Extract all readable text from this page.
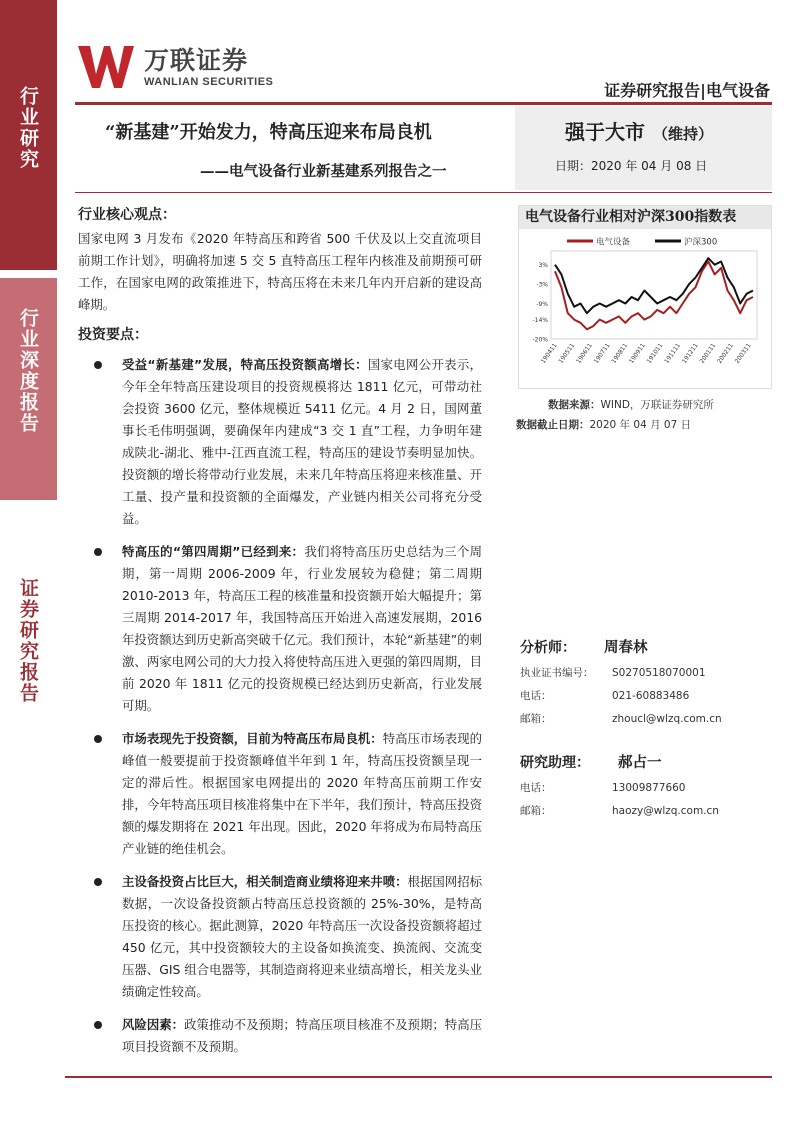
行业研究
行业深度报告
证券研究报告
万联证券
WANLIAN SECURITIES	证券研究报告|电气设备
“新基建”开始发力，特高压迎来布局良机
——电气设备行业新基建系列报告之一
强于大市 （维持）
日期：2020 年 04 月 08 日
行业核心观点：
国家电网 3 月发布《2020 年特高压和跨省 500 千伏及以上交直流项目前期工作计划》，明确将加速 5 交 5 直特高压工程年内核准及前期预可研工作，在国家电网的政策推进下，特高压将在未来几年内开启新的建设高峰期。
投资要点：
受益“新基建”发展，特高压投资额高增长：国家电网公开表示，今年全年特高压建设项目的投资规模将达 1811 亿元，可带动社会投资 3600 亿元，整体规模近 5411 亿元。4 月 2 日，国网董事长毛伟明强调，要确保年内建成“3 交 1 直”工程，力争明年建成陕北-湖北、雅中-江西直流工程，特高压的建设节奏明显加快。投资额的增长将带动行业发展，未来几年特高压将迎来核准量、开工量、投产量和投资额的全面爆发，产业链内相关公司将充分受益。
特高压的“第四周期”已经到来：我们将特高压历史总结为三个周期，第一周期 2006-2009 年，行业发展较为稳健；第二周期 2010-2013 年，特高压工程的核准量和投资额开始大幅提升；第三周期 2014-2017 年，我国特高压开始进入高速发展期，2016 年投资额达到历史新高突破千亿元。我们预计，本轮“新基建”的刺激、两家电网公司的大力投入将使特高压进入更强的第四周期，目前 2020 年 1811 亿元的投资规模已经达到历史新高，行业发展可期。
市场表现先于投资额，目前为特高压布局良机：特高压市场表现的峰值一般要提前于投资额峰值半年到 1 年，特高压投资额呈现一定的滞后性。根据国家电网提出的 2020 年特高压前期工作安排，今年特高压项目核准将集中在下半年，我们预计，特高压投资额的爆发期将在 2021 年出现。因此，2020 年将成为布局特高压产业链的绝佳机会。
主设备投资占比巨大，相关制造商业绩将迎来井喷：根据国网招标数据，一次设备投资额占特高压总投资额的 25%-30%，是特高压投资的核心。据此测算，2020 年特高压一次设备投资额将超过 450 亿元，其中投资额较大的主设备如换流变、换流阀、交流变压器、GIS 组合电器等，其制造商将迎来业绩高增长，相关龙头业绩确定性较高。
风险因素：政策推动不及预期；特高压项目核准不及预期；特高压项目投资额不及预期。
电气设备行业相对沪深300指数表
电气设备	沪深300
3%
-3%
-9%
-14%
-20%
190411
190511
190611
190711
190811
190911
191011
191111
191211
200111
200211
200311
数据来源：WIND，万联证券研究所
数据截止日期：2020 年 04 月 07 日
分析师： 周春林
执业证书编号：	S0270518070001
电话：	021-60883486
邮箱：	zhoucl@wlzq.com.cn
研究助理： 郝占一
电话：	13009877660
邮箱：	haozy@wlzq.com.cn
